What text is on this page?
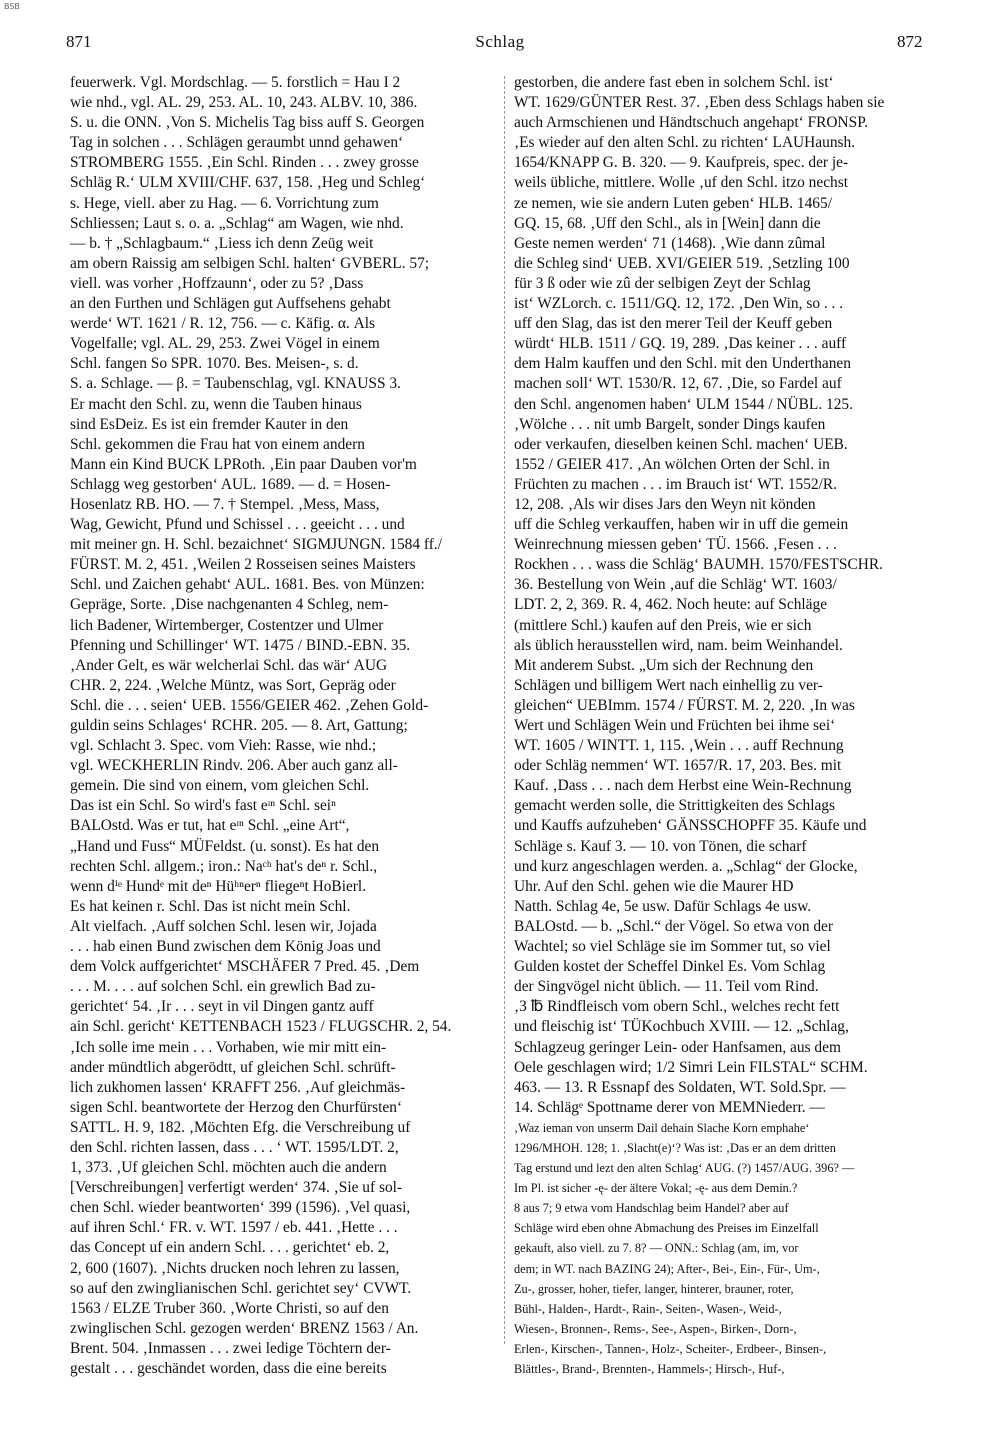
BSB
871	Schlag	872
feuerwerk. Vgl. Mordschlag. — 5. forstlich = Hau I 2
wie nhd., vgl. AL. 29, 253. AL. 10, 243. ALBV. 10, 386.
S. u. die ONN. ‚Von S. Michelis Tag biss auff S. Georgen
Tag in solchen . . . Schlägen geraumbt unnd gehawen‘
STROMBERG 1555. ‚Ein Schl. Rinden . . . zwey grosse
Schläg R.‘ ULM XVIII/CHF. 637, 158. ‚Heg und Schleg‘
s. Hege, viell. aber zu Hag. — 6. Vorrichtung zum
Schliessen; Laut s. o. a. „Schlag“ am Wagen, wie nhd.
— b. † „Schlagbaum.“ ‚Liess ich denn Zeüg weit
am obern Raissig am selbigen Schl. halten‘ GVBERL. 57;
viell. was vorher ‚Hoffzaunn‘, oder zu 5? ‚Dass
an den Furthen und Schlägen gut Auffsehens gehabt
werde‘ WT. 1621 / R. 12, 756. — c. Käfig. α. Als
Vogelfalle; vgl. AL. 29, 253. Zwei Vögel in einem
Schl. fangen So SPR. 1070. Bes. Meisen-, s. d.
S. a. Schlage. — β. = Taubenschlag, vgl. KNAUSS 3.
Er macht den Schl. zu, wenn die Tauben hinaus
sind EsDeiz. Es ist ein fremder Kauter in den
Schl. gekommen die Frau hat von einem andern
Mann ein Kind BUCK LPRoth. ‚Ein paar Dauben vor'm
Schlagg weg gestorben‘ AUL. 1689. — d. = Hosen-
Hosenlatz RB. HO. — 7. † Stempel. ‚Mess, Mass,
Wag, Gewicht, Pfund und Schissel . . . geeicht . . . und
mit meiner gn. H. Schl. bezaichnet‘ SIGMJUNGN. 1584 ff./
FÜRST. M. 2, 451. ‚Weilen 2 Rosseisen seines Maisters
Schl. und Zaichen gehabt‘ AUL. 1681. Bes. von Münzen:
Gepräge, Sorte. ‚Dise nachgenanten 4 Schleg, nem-
lich Badener, Wirtemberger, Costentzer und Ulmer
Pfenning und Schillinger‘ WT. 1475 / BIND.-EBN. 35.
‚Ander Gelt, es wär welcherlai Schl. das wär‘ AUG
CHR. 2, 224. ‚Welche Müntz, was Sort, Gepräg oder
Schl. die . . . seien‘ UEB. 1556/GEIER 462. ‚Zehen Gold-
guldin seins Schlages‘ RCHR. 205. — 8. Art, Gattung;
vgl. Schlacht 3. Spec. vom Vieh: Rasse, wie nhd.;
vgl. WECKHERLIN Rindv. 206. Aber auch ganz all-
gemein. Die sind von einem, vom gleichen Schl.
Das ist ein Schl. So wird's fast eᶦⁿ Schl. seiⁿ
BALOstd. Was er tut, hat eᶦⁿ Schl. „eine Art“,
„Hand und Fuss“ MÜFeldst. (u. sonst). Es hat den
rechten Schl. allgem.; iron.: Naᶜʰ hat's deⁿ r. Schl.,
wenn dⁱᵉ Hundᵉ mit deⁿ Hüʰⁿerⁿ fliegeⁿt HoBierl.
Es hat keinen r. Schl. Das ist nicht mein Schl.
Alt vielfach. ‚Auff solchen Schl. lesen wir, Jojada
. . . hab einen Bund zwischen dem König Joas und
dem Volck auffgerichtet‘ MSCHÄFER 7 Pred. 45. ‚Dem
. . . M. . . . auf solchen Schl. ein grewlich Bad zu-
gerichtet‘ 54. ‚Ir . . . seyt in vil Dingen gantz auff
ain Schl. gericht‘ KETTENBACH 1523 / FLUGSCHR. 2, 54.
‚Ich solle ime mein . . . Vorhaben, wie mir mitt ein-
ander mündtlich abgerödtt, uf gleichen Schl. schrüft-
lich zukhomen lassen‘ KRAFFT 256. ‚Auf gleichmäs-
sigen Schl. beantwortete der Herzog den Churfürsten‘
SATTL. H. 9, 182. ‚Möchten Efg. die Verschreibung uf
den Schl. richten lassen, dass . . . ‘ WT. 1595/LDT. 2,
1, 373. ‚Uf gleichen Schl. möchten auch die andern
[Verschreibungen] verfertigt werden‘ 374. ‚Sie uf sol-
chen Schl. wieder beantworten‘ 399 (1596). ‚Vel quasi,
auf ihren Schl.‘ FR. v. WT. 1597 / eb. 441. ‚Hette . . .
das Concept uf ein andern Schl. . . . gerichtet‘ eb. 2,
2, 600 (1607). ‚Nichts drucken noch lehren zu lassen,
so auf den zwinglianischen Schl. gerichtet sey‘ CVWT.
1563 / ELZE Truber 360. ‚Worte Christi, so auf den
zwinglischen Schl. gezogen werden‘ BRENZ 1563 / An.
Brent. 504. ‚Inmassen . . . zwei ledige Töchtern der-
gestalt . . . geschändet worden, dass die eine bereits
gestorben, die andere fast eben in solchem Schl. ist‘
WT. 1629/GÜNTER Rest. 37. ‚Eben dess Schlags haben sie
auch Armschienen und Händtschuch angehapt‘ FRONSP.
‚Es wieder auf den alten Schl. zu richten‘ LAUHaunsh.
1654/KNAPP G. B. 320. — 9. Kaufpreis, spec. der je-
weils übliche, mittlere. Wolle ‚uf den Schl. itzo nechst
ze nemen, wie sie andern Luten geben‘ HLB. 1465/
GQ. 15, 68. ‚Uff den Schl., als in [Wein] dann die
Geste nemen werden‘ 71 (1468). ‚Wie dann zûmal
die Schleg sind‘ UEB. XVI/GEIER 519. ‚Setzling 100
für 3 ß oder wie zû der selbigen Zeyt der Schlag
ist‘ WZLorch. c. 1511/GQ. 12, 172. ‚Den Win, so . . .
uff den Slag, das ist den merer Teil der Keuff geben
würdt‘ HLB. 1511 / GQ. 19, 289. ‚Das keiner . . . auff
dem Halm kauffen und den Schl. mit den Underthanen
machen soll‘ WT. 1530/R. 12, 67. ‚Die, so Fardel auf
den Schl. angenomen haben‘ ULM 1544 / NÜBL. 125.
‚Wölche . . . nit umb Bargelt, sonder Dings kaufen
oder verkaufen, dieselben keinen Schl. machen‘ UEB.
1552 / GEIER 417. ‚An wölchen Orten der Schl. in
Früchten zu machen . . . im Brauch ist‘ WT. 1552/R.
12, 208. ‚Als wir dises Jars den Weyn nit könden
uff die Schleg verkauffen, haben wir in uff die gemein
Weinrechnung miessen geben‘ TÜ. 1566. ‚Fesen . . .
Rockhen . . . wass die Schläg‘ BAUMH. 1570/FESTSCHR.
36. Bestellung von Wein ‚auf die Schläg‘ WT. 1603/
LDT. 2, 2, 369. R. 4, 462. Noch heute: auf Schläge
(mittlere Schl.) kaufen auf den Preis, wie er sich
als üblich herausstellen wird, nam. beim Weinhandel.
Mit anderem Subst. „Um sich der Rechnung den
Schlägen und billigem Wert nach einhellig zu ver-
gleichen“ UEBImm. 1574 / FÜRST. M. 2, 220. ‚In was
Wert und Schlägen Wein und Früchten bei ihme sei‘
WT. 1605 / WINTT. 1, 115. ‚Wein . . . auff Rechnung
oder Schläg nemmen‘ WT. 1657/R. 17, 203. Bes. mit
Kauf. ‚Dass . . . nach dem Herbst eine Wein-Rechnung
gemacht werden solle, die Strittigkeiten des Schlags
und Kauffs aufzuheben‘ GÄNSSCHOPFF 35. Käufe und
Schläge s. Kauf 3. — 10. von Tönen, die scharf
und kurz angeschlagen werden. a. „Schlag“ der Glocke,
Uhr. Auf den Schl. gehen wie die Maurer HD
Natth. Schlag 4e, 5e usw. Dafür Schlags 4e usw.
BALOstd. — b. „Schl.“ der Vögel. So etwa von der
Wachtel; so viel Schläge sie im Sommer tut, so viel
Gulden kostet der Scheffel Dinkel Es. Vom Schlag
der Singvögel nicht üblich. — 11. Teil vom Rind.
‚3 ℔ Rindfleisch vom obern Schl., welches recht fett
und fleischig ist‘ TÜKochbuch XVIII. — 12. „Schlag,
Schlagzeug geringer Lein- oder Hanfsamen, aus dem
Oele geschlagen wird; 1/2 Simri Lein FILSTAL“ SCHM.
463. — 13. R Essnapf des Soldaten, WT. Sold.Spr. —
14. Schlägᵉ Spottname derer von MEMNiederr. —
‚Waz ieman von unserm Dail dehain Slache Korn emphahe‘
1296/MHOH. 128; 1. ‚Slacht(e)‘? Was ist: ‚Das er an dem dritten
Tag erstund und lezt den alten Schlag‘ AUG. (?) 1457/AUG. 396? —
Im Pl. ist sicher -ę- der ältere Vokal; -ę- aus dem Demin.?
8 aus 7; 9 etwa vom Handschlag beim Handel? aber auf
Schläge wird eben ohne Abmachung des Preises im Einzelfall
gekauft, also viell. zu 7. 8? — ONN.: Schlag (am, im, vor
dem; in WT. nach BAZING 24); After-, Bei-, Ein-, Für-, Um-,
Zu-, grosser, hoher, tiefer, langer, hinterer, brauner, roter,
Bühl-, Halden-, Hardt-, Rain-, Seiten-, Wasen-, Weid-,
Wiesen-, Bronnen-, Rems-, See-, Aspen-, Birken-, Dorn-,
Erlen-, Kirschen-, Tannen-, Holz-, Scheiter-, Erdbeer-, Binsen-,
Blättles-, Brand-, Brennten-, Hammels-; Hirsch-, Huf-,
